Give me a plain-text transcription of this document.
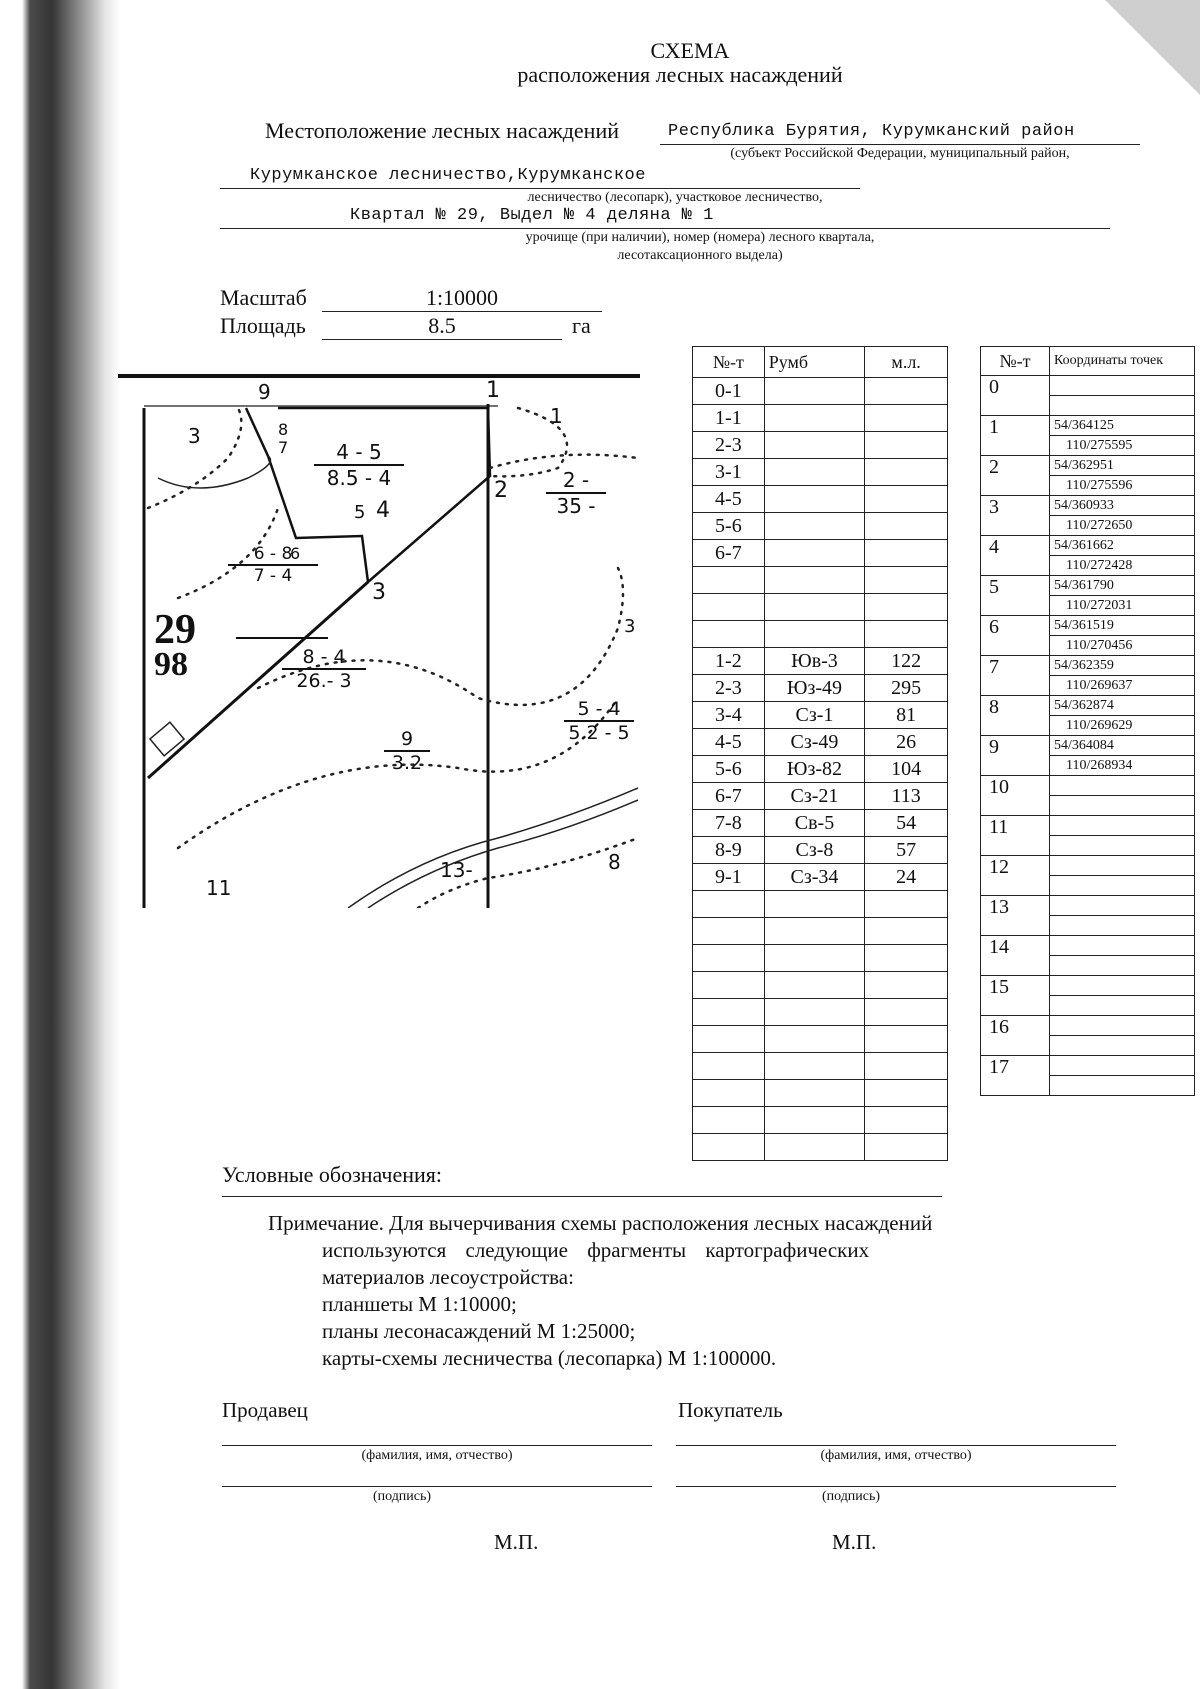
СХЕМА
расположения лесных насаждений
Местоположение лесных насаждений	Республика Бурятия, Курумканский район
(субъект Российской Федерации, муниципальный район,
Курумканское лесничество,Курумканское
лесничество (лесопарк), участковое лесничество,
Квартал № 29, Выдел № 4 делянa № 1
урочище (при наличии), номер (номера) лесного квартала,
лесотаксационного выдела)
Масштаб	1:10000
Площадь	8.5	га
29
98
9	1
2
3
4
5
6
7
8
4 - 5
8.5 - 4
6 - 8
7 - 4
8 - 4
26.- 3
9
3.2
2 -
35 -
5 - 4
5.2 - 5
13-
3
1
11
8
3
№-т	Румб	м.л.
0-1		
1-1		
2-3		
3-1		
4-5		
5-6		
6-7		

1-2	Юв-3	122
2-3	Юз-49	295
3-4	Сз-1	81
4-5	Сз-49	26
5-6	Юз-82	104
6-7	Сз-21	113
7-8	Св-5	54
8-9	Сз-8	57
9-1	Сз-34	24

№-т	Координаты точек
0	

1	54/364125
	110/275595
2	54/362951
	110/275596
3	54/360933
	110/272650
4	54/361662
	110/272428
5	54/361790
	110/272031
6	54/361519
	110/270456
7	54/362359
	110/269637
8	54/362874
	110/269629
9	54/364084
	110/268934
10	

11	

12	

13	

14	

15	

16	

17	

Условные обозначения:
Примечание. Для вычерчивания схемы расположения лесных насаждений
используются следующие фрагменты картографических
материалов лесоустройства:
планшеты М 1:10000;
планы лесонасаждений М 1:25000;
карты-схемы лесничества (лесопарка) М 1:100000.
Продавец	Покупатель
(фамилия, имя, отчество)	(фамилия, имя, отчество)
(подпись)	(подпись)
М.П.	М.П.
